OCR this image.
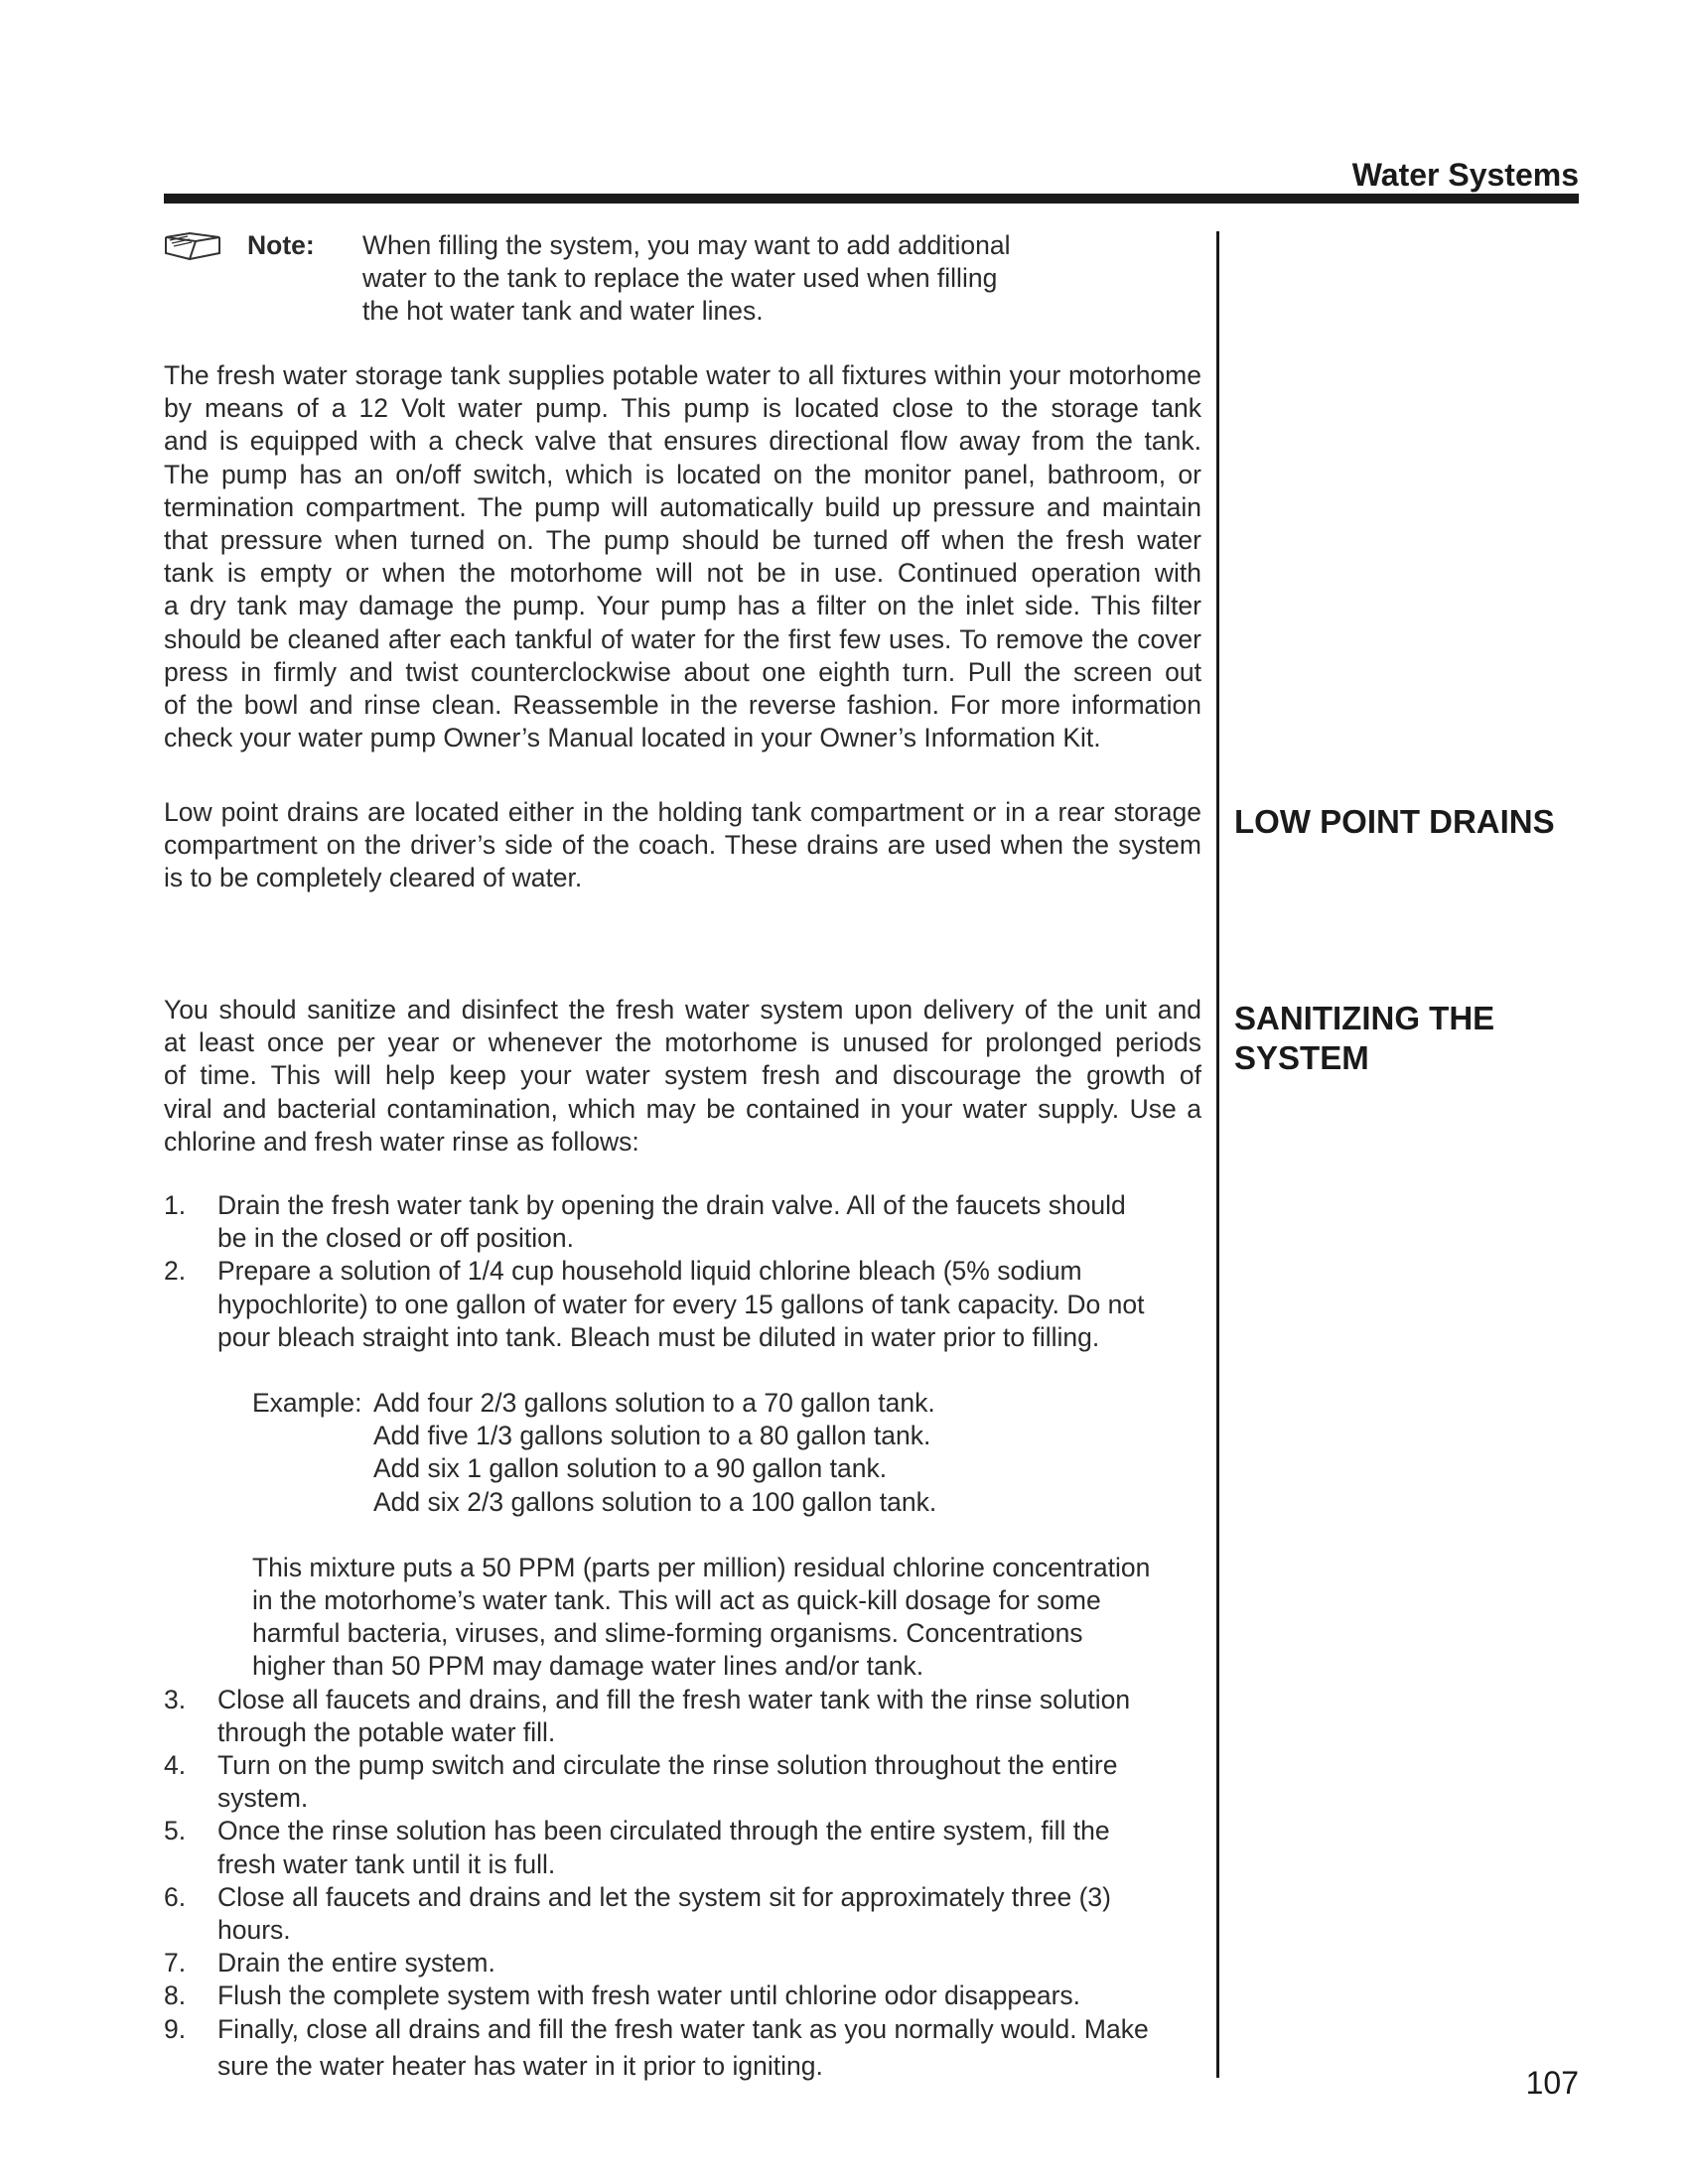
Water Systems
Note: When filling the system, you may want to add additional
water to the tank to replace the water used when filling
the hot water tank and water lines.
The fresh water storage tank supplies potable water to all fixtures within your motorhome
by means of a 12 Volt water pump. This pump is located close to the storage tank
and is equipped with a check valve that ensures directional flow away from the tank.
The pump has an on/off switch, which is located on the monitor panel, bathroom, or
termination compartment. The pump will automatically build up pressure and maintain
that pressure when turned on. The pump should be turned off when the fresh water
tank is empty or when the motorhome will not be in use. Continued operation with
a dry tank may damage the pump. Your pump has a filter on the inlet side. This filter
should be cleaned after each tankful of water for the first few uses. To remove the cover
press in firmly and twist counterclockwise about one eighth turn. Pull the screen out
of the bowl and rinse clean. Reassemble in the reverse fashion. For more information
check your water pump Owner’s Manual located in your Owner’s Information Kit.
LOW POINT DRAINS
Low point drains are located either in the holding tank compartment or in a rear storage
compartment on the driver’s side of the coach. These drains are used when the system
is to be completely cleared of water.
SANITIZING THE
SYSTEM
You should sanitize and disinfect the fresh water system upon delivery of the unit and
at least once per year or whenever the motorhome is unused for prolonged periods
of time. This will help keep your water system fresh and discourage the growth of
viral and bacterial contamination, which may be contained in your water supply. Use a
chlorine and fresh water rinse as follows:
1. Drain the fresh water tank by opening the drain valve. All of the faucets should
be in the closed or off position.
2. Prepare a solution of 1/4 cup household liquid chlorine bleach (5% sodium
hypochlorite) to one gallon of water for every 15 gallons of tank capacity. Do not
pour bleach straight into tank. Bleach must be diluted in water prior to filling.
Example: Add four 2/3 gallons solution to a 70 gallon tank.
Add five 1/3 gallons solution to a 80 gallon tank.
Add six 1 gallon solution to a 90 gallon tank.
Add six 2/3 gallons solution to a 100 gallon tank.
This mixture puts a 50 PPM (parts per million) residual chlorine concentration
in the motorhome’s water tank. This will act as quick-kill dosage for some
harmful bacteria, viruses, and slime-forming organisms. Concentrations
higher than 50 PPM may damage water lines and/or tank.
3. Close all faucets and drains, and fill the fresh water tank with the rinse solution
through the potable water fill.
4. Turn on the pump switch and circulate the rinse solution throughout the entire
system.
5. Once the rinse solution has been circulated through the entire system, fill the
fresh water tank until it is full.
6. Close all faucets and drains and let the system sit for approximately three (3)
hours.
7. Drain the entire system.
8. Flush the complete system with fresh water until chlorine odor disappears.
9. Finally, close all drains and fill the fresh water tank as you normally would. Make
sure the water heater has water in it prior to igniting.	107
